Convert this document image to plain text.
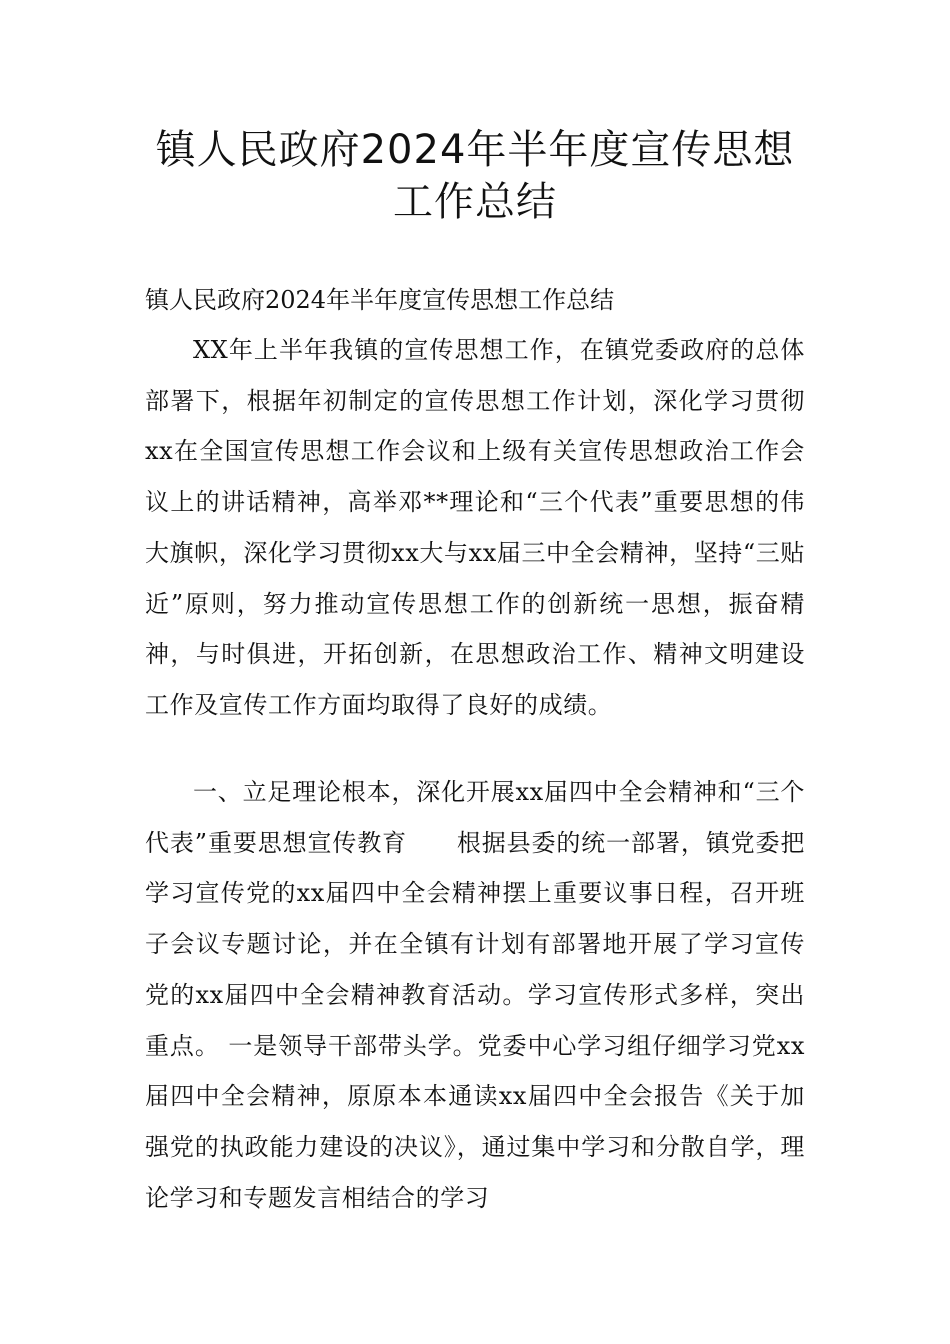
镇人民政府2024年半年度宣传思想工作总结

镇人民政府2024年半年度宣传思想工作总结

XX年上半年我镇的宣传思想工作，在镇党委政府的总体部署下，根据年初制定的宣传思想工作计划，深化学习贯彻xx在全国宣传思想工作会议和上级有关宣传思想政治工作会议上的讲话精神，高举邓**理论和“三个代表”重要思想的伟大旗帜，深化学习贯彻xx大与xx届三中全会精神，坚持“三贴近”原则，努力推动宣传思想工作的创新统一思想，振奋精神，与时俱进，开拓创新，在思想政治工作、精神文明建设工作及宣传工作方面均取得了良好的成绩。

一、立足理论根本，深化开展xx届四中全会精神和“三个代表”重要思想宣传教育　　根据县委的统一部署，镇党委把学习宣传党的xx届四中全会精神摆上重要议事日程，召开班子会议专题讨论，并在全镇有计划有部署地开展了学习宣传党的xx届四中全会精神教育活动。学习宣传形式多样，突出重点。 一是领导干部带头学。党委中心学习组仔细学习党xx届四中全会精神，原原本本通读xx届四中全会报告《关于加强党的执政能力建设的决议》，通过集中学习和分散自学，理论学习和专题发言相结合的学习
